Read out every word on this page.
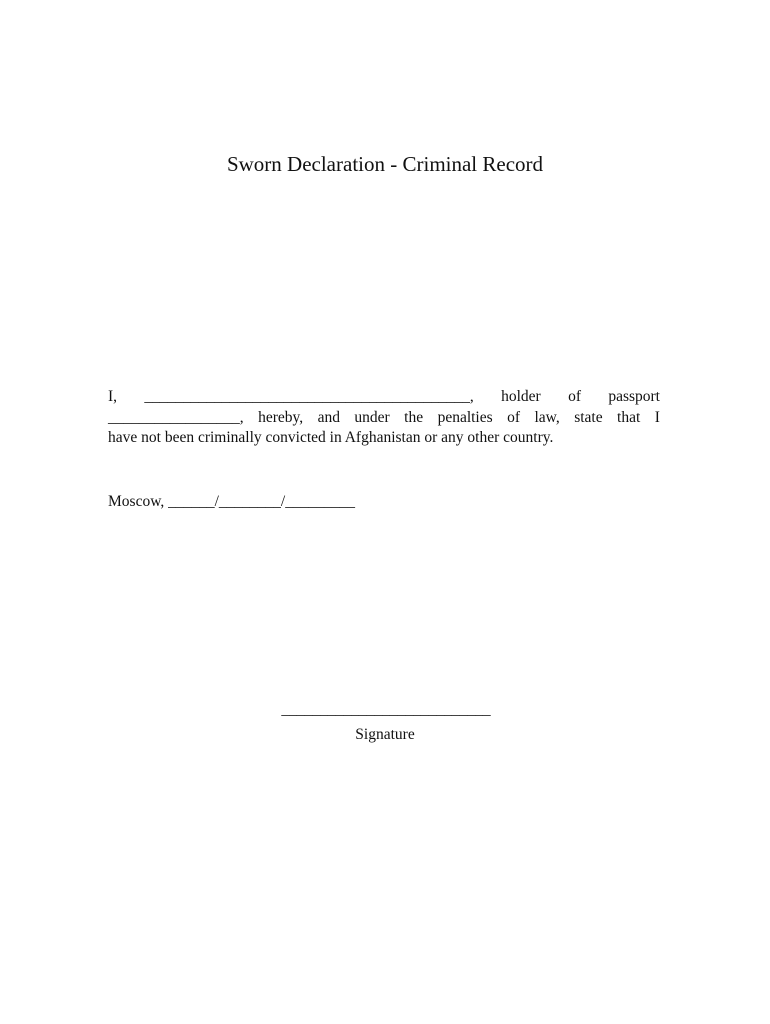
Sworn Declaration - Criminal Record
I, __________________________________________, holder of passport
_________________, hereby, and under the penalties of law, state that I
have not been criminally convicted in Afghanistan or any other country.
Moscow, ______/________/_________
___________________________
Signature
